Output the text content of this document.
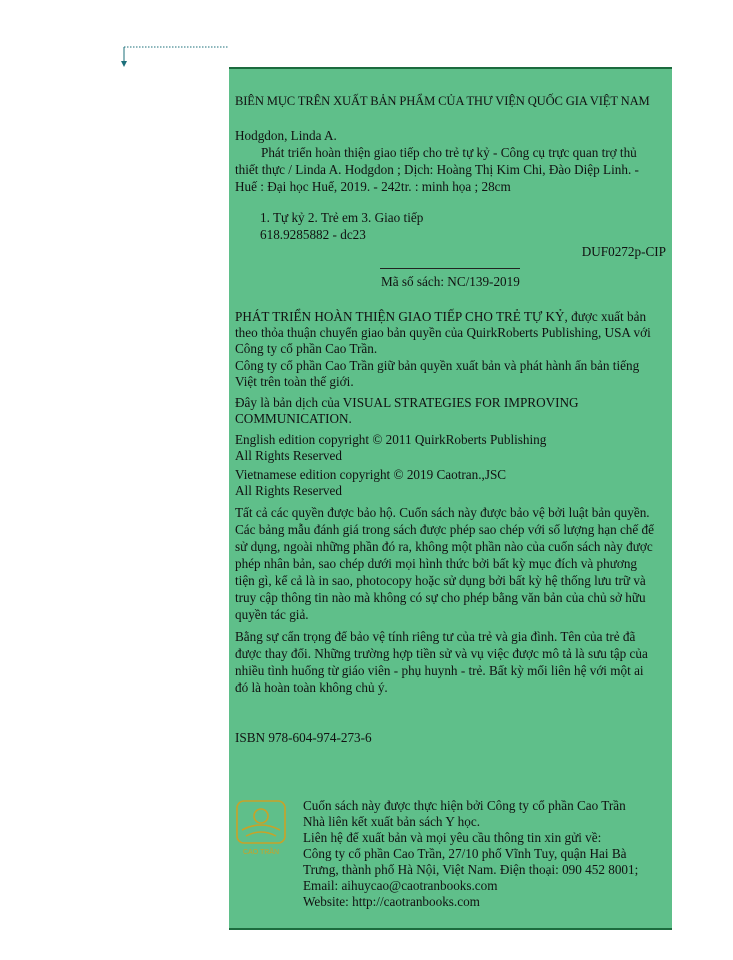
BIÊN MỤC TRÊN XUẤT BẢN PHẨM CỦA THƯ VIỆN QUỐC GIA VIỆT NAM
Hodgdon, Linda A.
Phát triển hoàn thiện giao tiếp cho trẻ tự kỷ - Công cụ trực quan trợ thủ
thiết thực / Linda A. Hodgdon ; Dịch: Hoàng Thị Kim Chi, Đào Diệp Linh. -
Huế : Đại học Huế, 2019. - 242tr. : minh họa ; 28cm
1. Tự kỷ 2. Trẻ em 3. Giao tiếp
618.9285882 - dc23
DUF0272p-CIP
Mã số sách: NC/139-2019
PHÁT TRIỂN HOÀN THIỆN GIAO TIẾP CHO TRẺ TỰ KỶ, được xuất bản
theo thỏa thuận chuyển giao bản quyền của QuirkRoberts Publishing, USA với
Công ty cổ phần Cao Trần.
Công ty cổ phần Cao Trần giữ bản quyền xuất bản và phát hành ấn bản tiếng
Việt trên toàn thế giới.
Đây là bản dịch của VISUAL STRATEGIES FOR IMPROVING
COMMUNICATION.
English edition copyright © 2011 QuirkRoberts Publishing
All Rights Reserved
Vietnamese edition copyright © 2019 Caotran.,JSC
All Rights Reserved
Tất cả các quyền được bảo hộ. Cuốn sách này được bảo vệ bởi luật bản quyền.
Các bảng mẫu đánh giá trong sách được phép sao chép với số lượng hạn chế để
sử dụng, ngoài những phần đó ra, không một phần nào của cuốn sách này được
phép nhân bản, sao chép dưới mọi hình thức bởi bất kỳ mục đích và phương
tiện gì, kể cả là in sao, photocopy hoặc sử dụng bởi bất kỳ hệ thống lưu trữ và
truy cập thông tin nào mà không có sự cho phép bằng văn bản của chủ sở hữu
quyền tác giả.
Bằng sự cẩn trọng để bảo vệ tính riêng tư của trẻ và gia đình. Tên của trẻ đã
được thay đổi. Những trường hợp tiền sử và vụ việc được mô tả là sưu tập của
nhiều tình huống từ giáo viên - phụ huynh - trẻ. Bất kỳ mối liên hệ với một ai
đó là hoàn toàn không chủ ý.
ISBN 978-604-974-273-6
CAO TRẦN
Cuốn sách này được thực hiện bởi Công ty cổ phần Cao Trần
Nhà liên kết xuất bản sách Y học.
Liên hệ để xuất bản và mọi yêu cầu thông tin xin gửi về:
Công ty cổ phần Cao Trần, 27/10 phố Vĩnh Tuy, quận Hai Bà
Trưng, thành phố Hà Nội, Việt Nam. Điện thoại: 090 452 8001;
Email: aihuycao@caotranbooks.com
Website: http://caotranbooks.com
